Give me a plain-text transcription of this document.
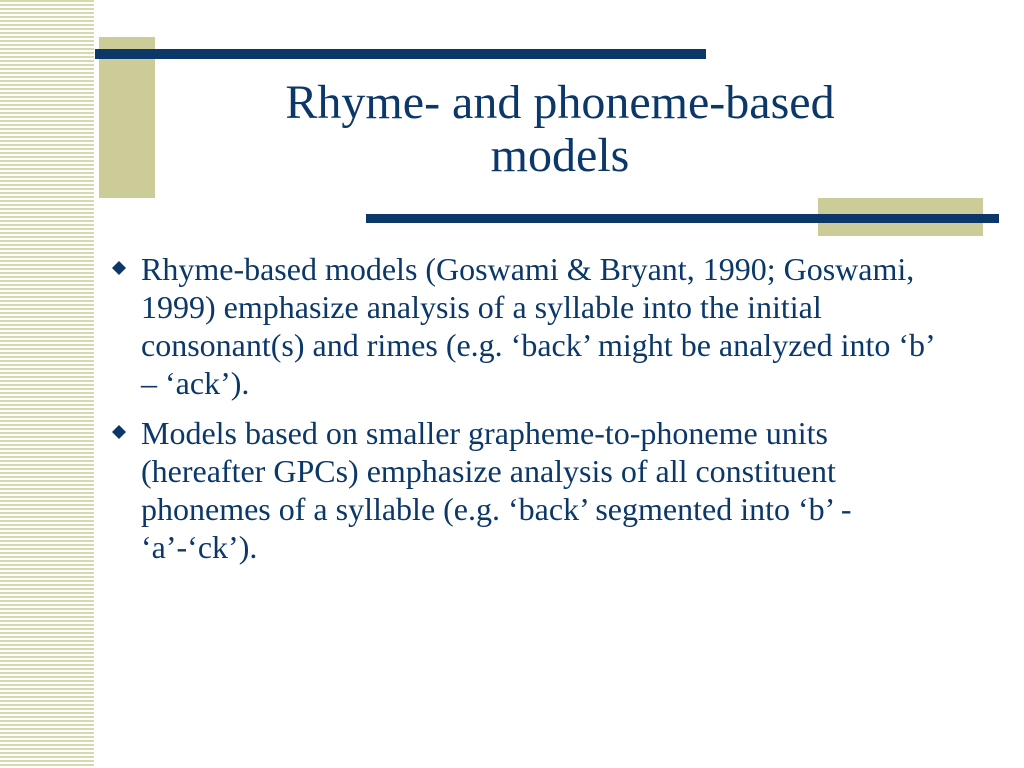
Rhyme- and phoneme-based
models
Rhyme-based models (Goswami & Bryant, 1990; Goswami, 1999) emphasize analysis of a syllable into the initial consonant(s) and rimes (e.g. ‘back’ might be analyzed into ‘b’ – ‘ack’).
Models based on smaller grapheme-to-phoneme units (hereafter GPCs) emphasize analysis of all constituent phonemes of a syllable (e.g. ‘back’ segmented into ‘b’ - ‘a’-‘ck’).
